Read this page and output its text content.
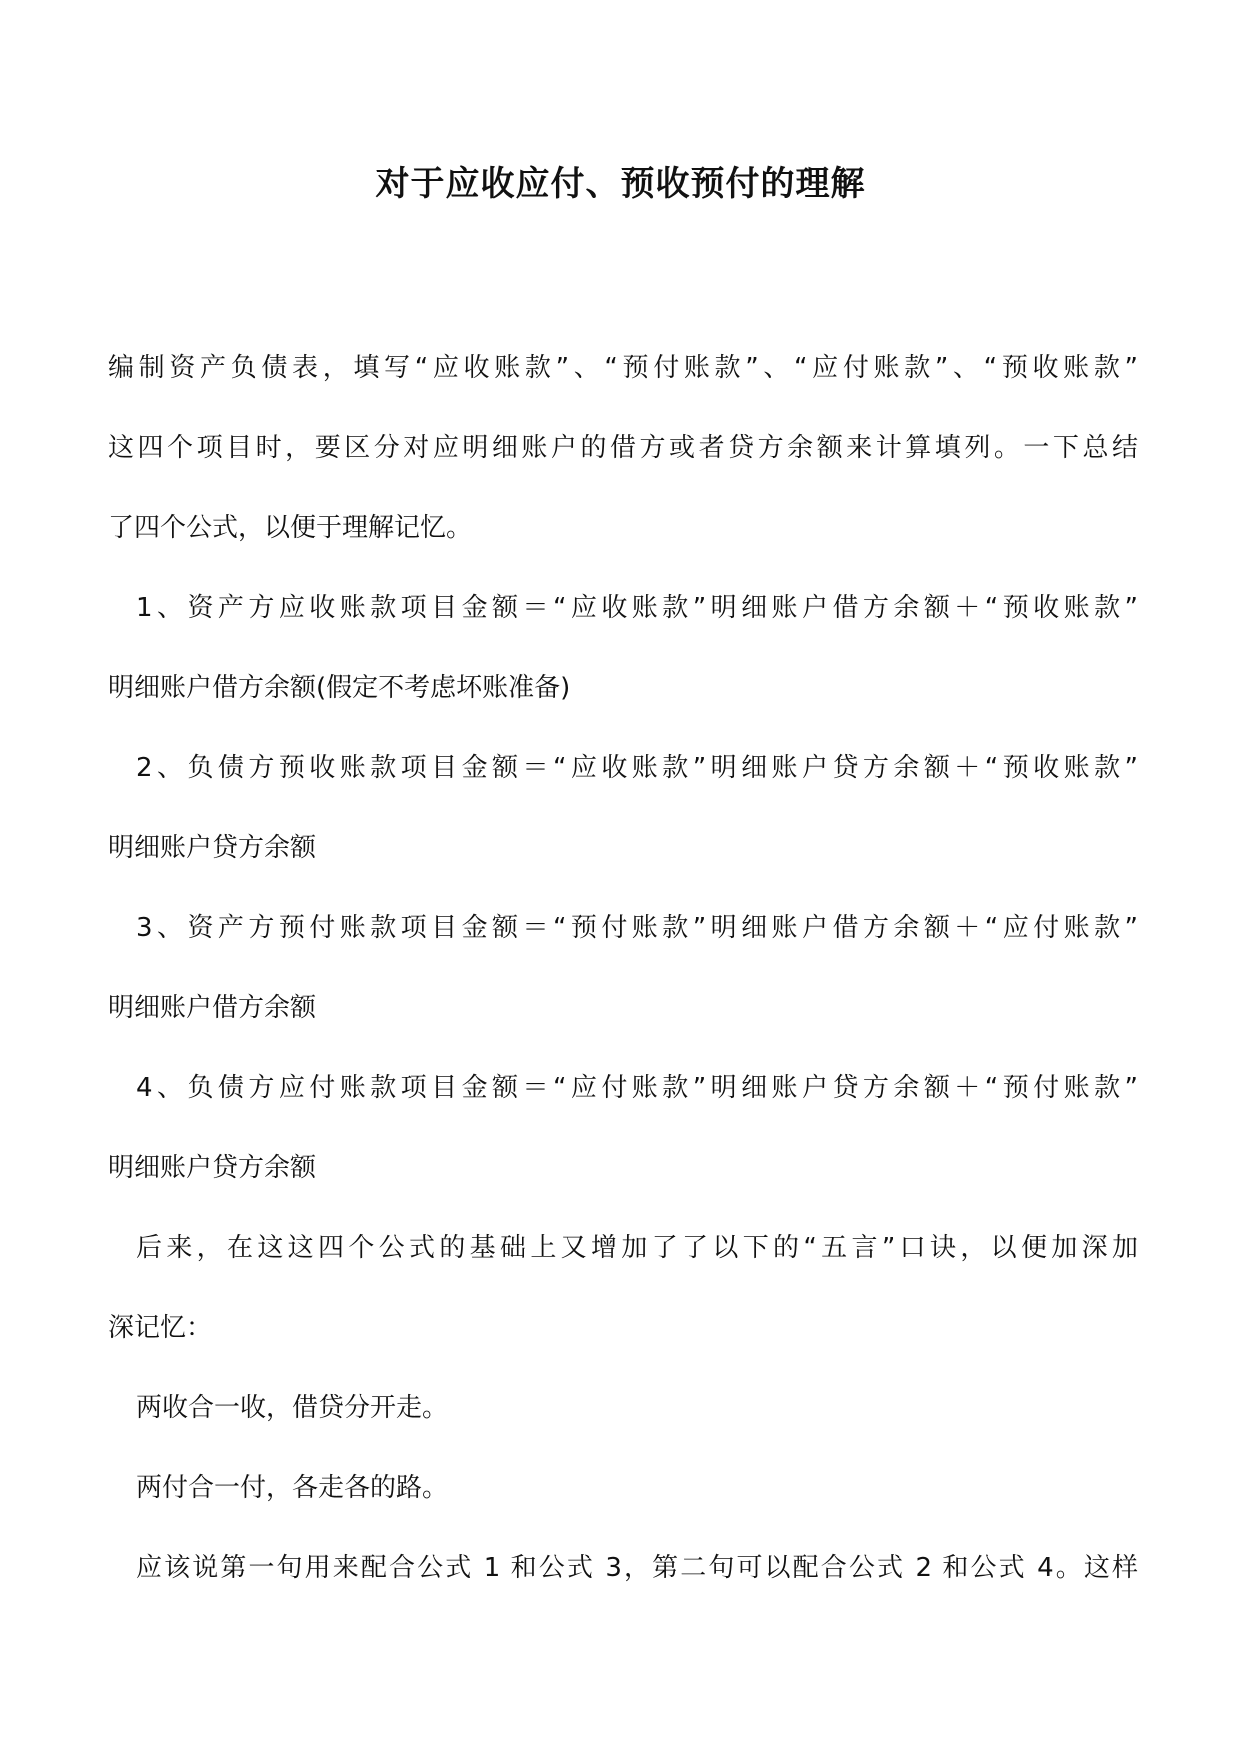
对于应收应付、预收预付的理解

编制资产负债表，填写“应收账款”、“预付账款”、“应付账款”、“预收账款”

这四个项目时，要区分对应明细账户的借方或者贷方余额来计算填列。一下总结

了四个公式，以便于理解记忆。

1、资产方应收账款项目金额＝“应收账款”明细账户借方余额＋“预收账款”

明细账户借方余额(假定不考虑坏账准备)

2、负债方预收账款项目金额＝“应收账款”明细账户贷方余额＋“预收账款”

明细账户贷方余额

3、资产方预付账款项目金额＝“预付账款”明细账户借方余额＋“应付账款”

明细账户借方余额

4、负债方应付账款项目金额＝“应付账款”明细账户贷方余额＋“预付账款”

明细账户贷方余额

后来，在这这四个公式的基础上又增加了了以下的“五言”口诀，以便加深加

深记忆：

两收合一收，借贷分开走。

两付合一付，各走各的路。

应该说第一句用来配合公式 1 和公式 3，第二句可以配合公式 2 和公式 4。这样
